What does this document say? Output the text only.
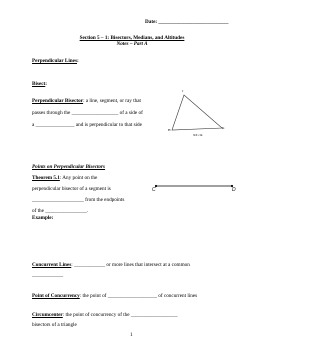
Date: ___________________________
Section 5 – 1: Bisectors, Medians, and Altitudes
Notes – Part A
Perpendicular Lines:
Bisect:
Perpendicular Bisector: a line, segment, or ray that
passes through the __________________ of a side of
a _______________ and is perpendicular to that side
J
H	K
XX cm
Points on Perpendicular Bisectors
Theorem 5.1: Any point on the
perpendicular bisector of a segment is
____________________ from the endpoints
of the ________________.
Example:
C	D
Concurrent Lines: ____________ or more lines that intersect at a common
____________
Point of Concurrency: the point of ___________________ of concurrent lines
Circumcenter: the point of concurrency of the __________________
bisectors of a triangle
1
